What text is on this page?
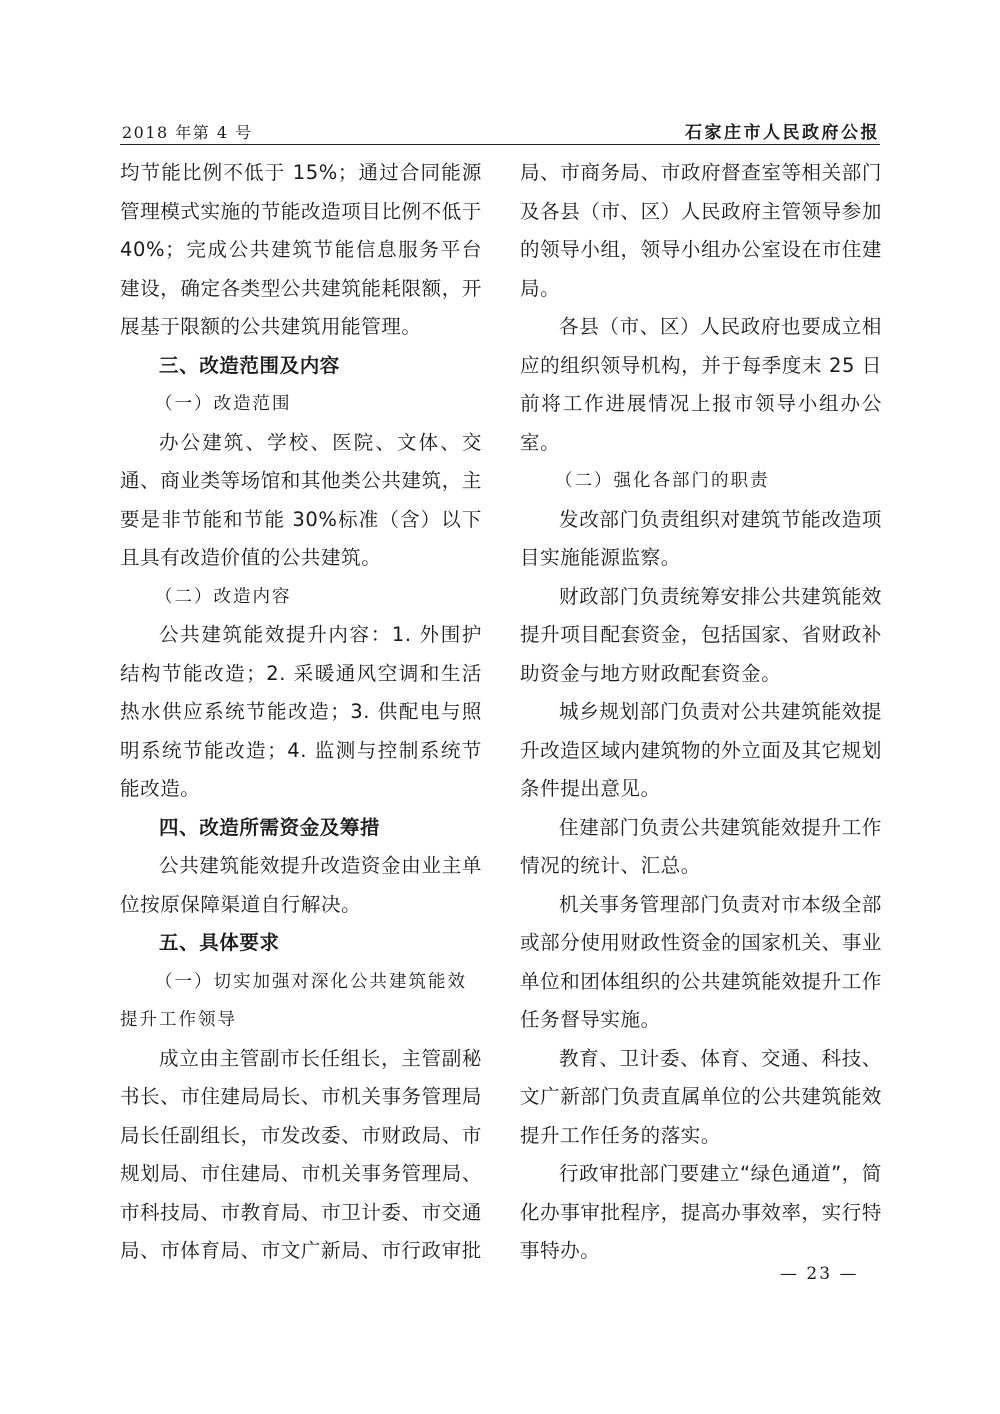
2018 年第 4 号	石家庄市人民政府公报

均节能比例不低于 15%；通过合同能源管理模式实施的节能改造项目比例不低于 40%；完成公共建筑节能信息服务平台建设，确定各类型公共建筑能耗限额，开展基于限额的公共建筑用能管理。

三、改造范围及内容

（一）改造范围

办公建筑、学校、医院、文体、交通、商业类等场馆和其他类公共建筑，主要是非节能和节能 30%标准（含）以下且具有改造价值的公共建筑。

（二）改造内容

公共建筑能效提升内容：1. 外围护结构节能改造；2. 采暖通风空调和生活热水供应系统节能改造；3. 供配电与照明系统节能改造；4. 监测与控制系统节能改造。

四、改造所需资金及筹措

公共建筑能效提升改造资金由业主单位按原保障渠道自行解决。

五、具体要求

（一）切实加强对深化公共建筑能效提升工作领导

成立由主管副市长任组长，主管副秘书长、市住建局局长、市机关事务管理局局长任副组长，市发改委、市财政局、市规划局、市住建局、市机关事务管理局、市科技局、市教育局、市卫计委、市交通局、市体育局、市文广新局、市行政审批

局、市商务局、市政府督查室等相关部门及各县（市、区）人民政府主管领导参加的领导小组，领导小组办公室设在市住建局。

各县（市、区）人民政府也要成立相应的组织领导机构，并于每季度末 25 日前将工作进展情况上报市领导小组办公室。

（二）强化各部门的职责

发改部门负责组织对建筑节能改造项目实施能源监察。

财政部门负责统筹安排公共建筑能效提升项目配套资金，包括国家、省财政补助资金与地方财政配套资金。

城乡规划部门负责对公共建筑能效提升改造区域内建筑物的外立面及其它规划条件提出意见。

住建部门负责公共建筑能效提升工作情况的统计、汇总。

机关事务管理部门负责对市本级全部或部分使用财政性资金的国家机关、事业单位和团体组织的公共建筑能效提升工作任务督导实施。

教育、卫计委、体育、交通、科技、文广新部门负责直属单位的公共建筑能效提升工作任务的落实。

行政审批部门要建立“绿色通道”，简化办事审批程序，提高办事效率，实行特事特办。

— 23 —
